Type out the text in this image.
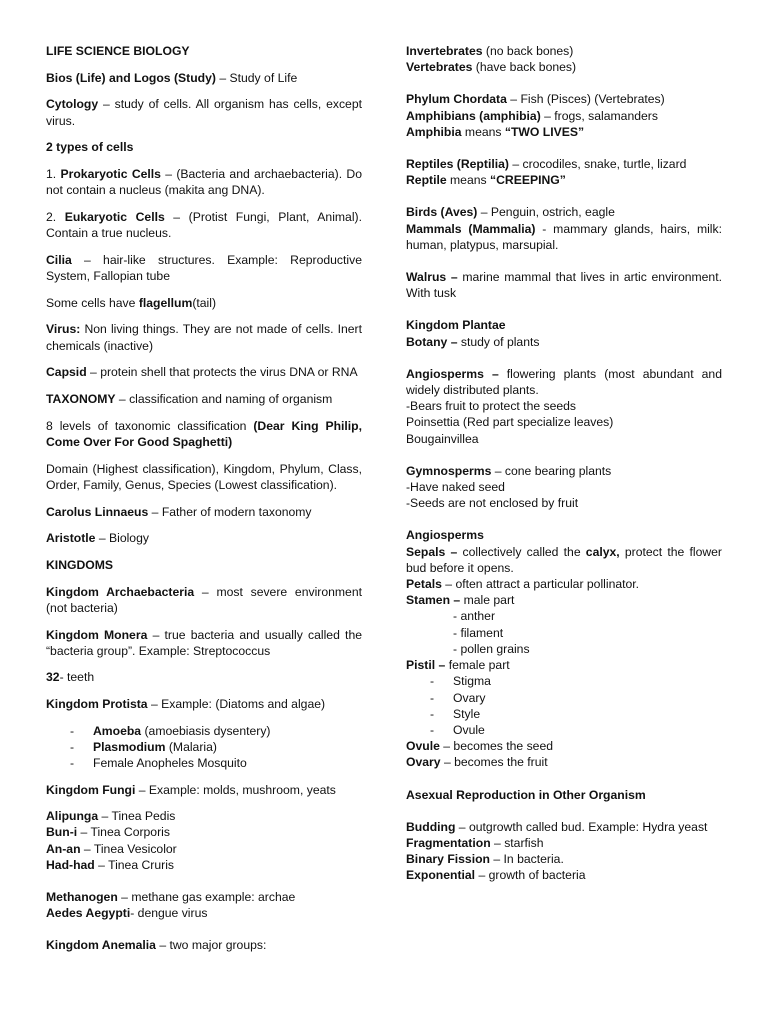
LIFE SCIENCE BIOLOGY

Bios (Life) and Logos (Study) – Study of Life

Cytology – study of cells. All organism has cells, except virus.

2 types of cells

1. Prokaryotic Cells – (Bacteria and archaebacteria). Do not contain a nucleus (makita ang DNA).

2. Eukaryotic Cells – (Protist Fungi, Plant, Animal). Contain a true nucleus.

Cilia – hair-like structures. Example: Reproductive System, Fallopian tube

Some cells have flagellum(tail)

Virus: Non living things. They are not made of cells. Inert chemicals (inactive)

Capsid – protein shell that protects the virus DNA or RNA

TAXONOMY – classification and naming of organism

8 levels of taxonomic classification (Dear King Philip, Come Over For Good Spaghetti)

Domain (Highest classification), Kingdom, Phylum, Class, Order, Family, Genus, Species (Lowest classification).

Carolus Linnaeus – Father of modern taxonomy

Aristotle – Biology

KINGDOMS

Kingdom Archaebacteria – most severe environment (not bacteria)

Kingdom Monera – true bacteria and usually called the “bacteria group”. Example: Streptococcus

32- teeth

Kingdom Protista – Example: (Diatoms and algae)

- Amoeba (amoebiasis dysentery)
- Plasmodium (Malaria)
- Female Anopheles Mosquito

Kingdom Fungi – Example: molds, mushroom, yeats

Alipunga – Tinea Pedis

Bun-i – Tinea Corporis

An-an – Tinea Vesicolor

Had-had – Tinea Cruris

Methanogen – methane gas example: archae

Aedes Aegypti- dengue virus

Kingdom Anemalia – two major groups:

Invertebrates (no back bones)

Vertebrates (have back bones)

Phylum Chordata – Fish (Pisces) (Vertebrates)

Amphibians (amphibia) – frogs, salamanders

Amphibia means “TWO LIVES”

Reptiles (Reptilia) – crocodiles, snake, turtle, lizard

Reptile means “CREEPING”

Birds (Aves) – Penguin, ostrich, eagle

Mammals (Mammalia) - mammary glands, hairs, milk: human, platypus, marsupial.

Walrus – marine mammal that lives in artic environment. With tusk

Kingdom Plantae

Botany – study of plants

Angiosperms – flowering plants (most abundant and widely distributed plants.

-Bears fruit to protect the seeds

Poinsettia (Red part specialize leaves)

Bougainvillea

Gymnosperms – cone bearing plants

-Have naked seed

-Seeds are not enclosed by fruit

Angiosperms

Sepals – collectively called the calyx, protect the flower bud before it opens.

Petals – often attract a particular pollinator.

Stamen – male part

- anther

- filament

- pollen grains

Pistil – female part

- Stigma

- Ovary

- Style

- Ovule

Ovule – becomes the seed

Ovary – becomes the fruit

Asexual Reproduction in Other Organism

Budding – outgrowth called bud. Example: Hydra yeast

Fragmentation – starfish

Binary Fission – In bacteria.

Exponential – growth of bacteria
